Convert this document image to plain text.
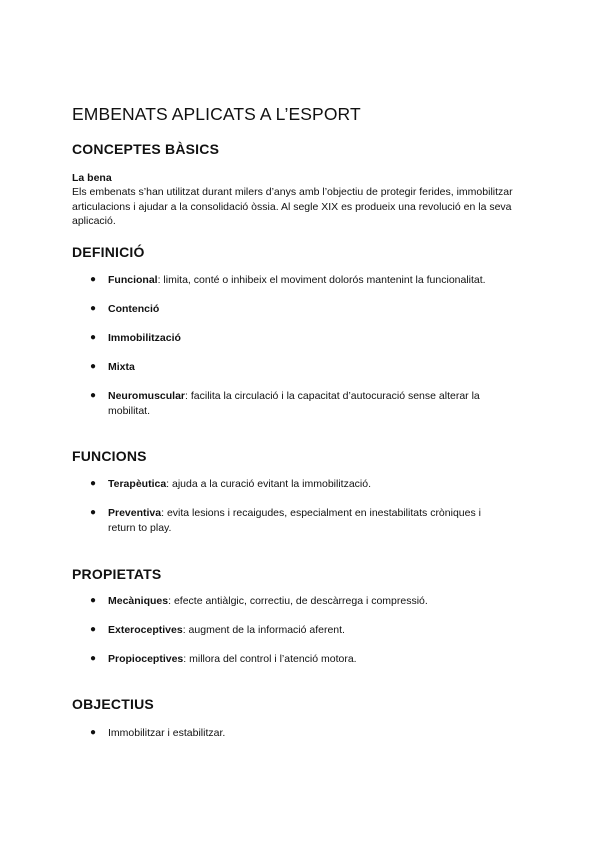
EMBENATS APLICATS A L’ESPORT
CONCEPTES BÀSICS
La bena

Els embenats s’han utilitzat durant milers d’anys amb l’objectiu de protegir ferides, immobilitzar articulacions i ajudar a la consolidació òssia. Al segle XIX es produeix una revolució en la seva aplicació.

DEFINICIÓ
● Funcional: limita, conté o inhibeix el moviment dolorós mantenint la funcionalitat.
● Contenció
● Immobilització
● Mixta
● Neuromuscular: facilita la circulació i la capacitat d’autocuració sense alterar la mobilitat.
FUNCIONS
● Terapèutica: ajuda a la curació evitant la immobilització.
● Preventiva: evita lesions i recaigudes, especialment en inestabilitats cròniques i return to play.
PROPIETATS
● Mecàniques: efecte antiàlgic, correctiu, de descàrrega i compressió.
● Exteroceptives: augment de la informació aferent.
● Propioceptives: millora del control i l’atenció motora.
OBJECTIUS
● Immobilitzar i estabilitzar.
